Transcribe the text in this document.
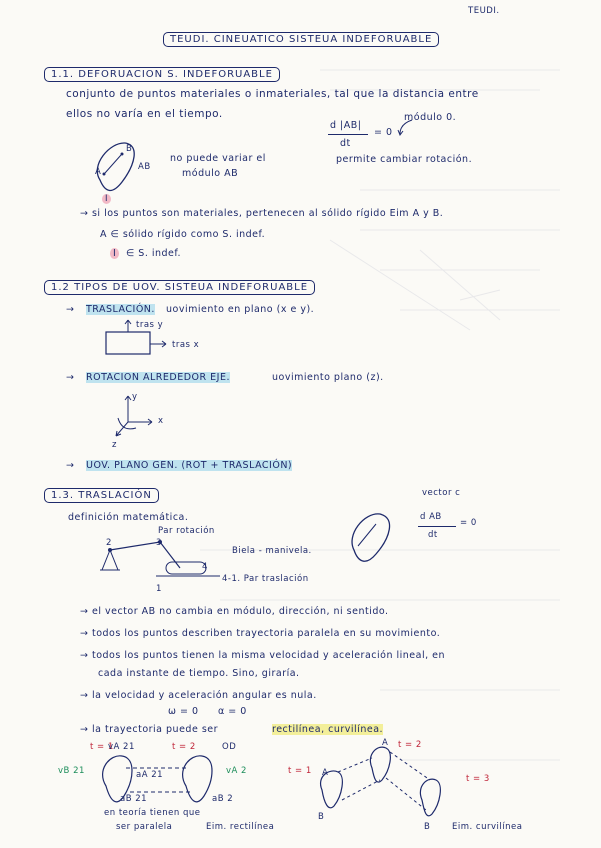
TEUDI.
TEUDI. CINEUATICO SISTEUA INDEFORUABLE
1.1. DEFORUACION S. INDEFORUABLE
conjunto de puntos materiales o inmateriales, tal que la distancia entre
ellos no varía en el tiempo.
d |AB|
dt
= 0
módulo 0.
permite cambiar rotación.
A
B
AB
no puede variar el
módulo AB
I
→ si los puntos son materiales, pertenecen al sólido rígido Eim A y B.
A ∈ sólido rígido como S. indef.
I	∈ S. indef.
1.2 TIPOS DE UOV. SISTEUA INDEFORUABLE
→ TRASLACIÓN. uovimiento en plano (x e y).
tras y
tras x
→ ROTACION ALREDEDOR EJE.	uovimiento plano (z).
y
x
z
→ UOV. PLANO GEN. (ROT + TRASLACIÓN)
1.3. TRASLACIÓN
definición matemática.
Par rotación
2	3
4
1
Biela - manivela.
4-1. Par traslación
vector c
d AB
dt
= 0
→ el vector AB no cambia en módulo, dirección, ni sentido.
→ todos los puntos describen trayectoria paralela en su movimiento.
→ todos los puntos tienen la misma velocidad y aceleración lineal, en
cada instante de tiempo. Sino, giraría.
→ la velocidad y aceleración angular es nula.
ω = 0 α = 0
→ la trayectoria puede ser	rectilínea, curvilínea.
t = 1
vA 21	t = 2	OD
vB 21	aA 21
aB 21
vA 2
aB 2
en teoría tienen que
ser paralela	Eim. rectilínea
t = 2
t = 1
t = 3
A
A
B
B	Eim. curvilínea
